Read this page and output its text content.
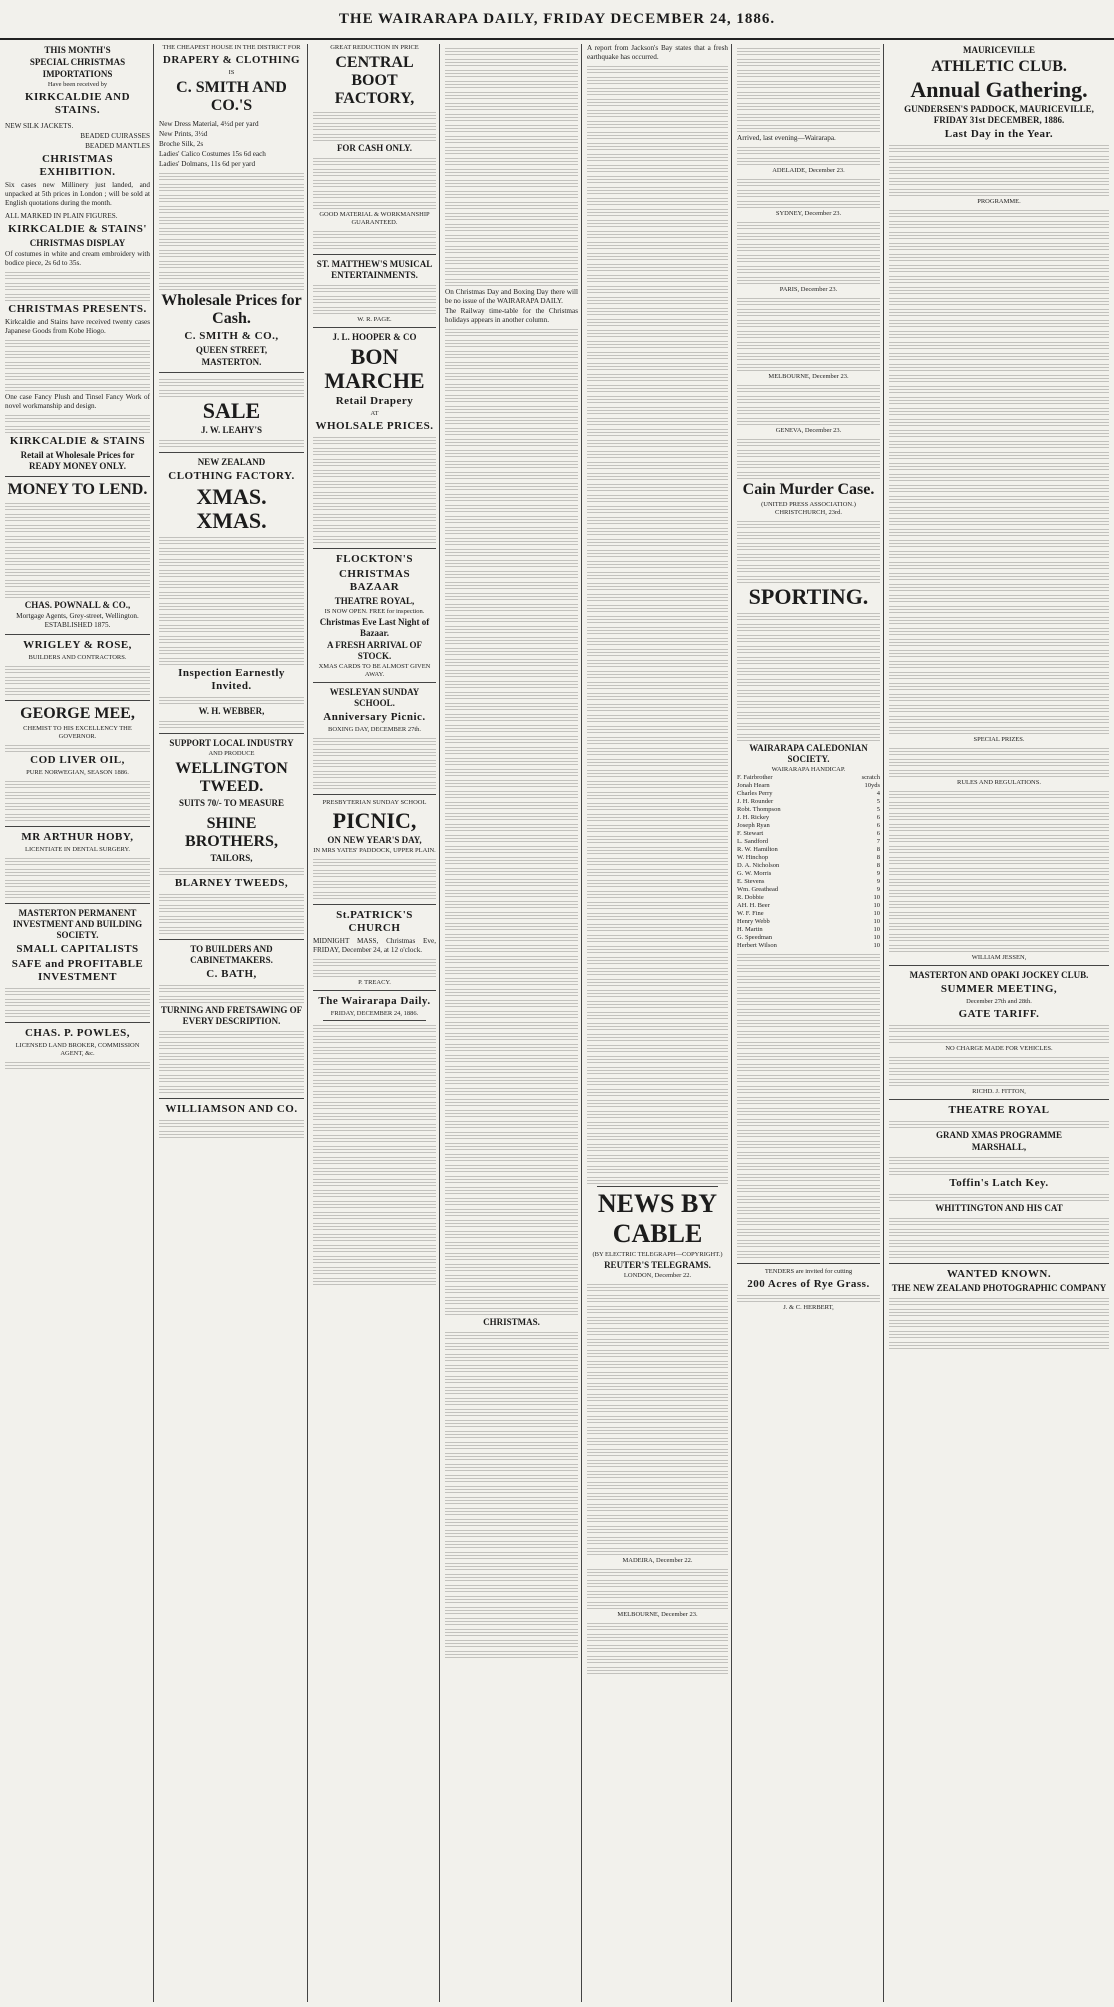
THE WAIRARAPA DAILY, FRIDAY DECEMBER 24, 1886.
THIS MONTH'S
SPECIAL CHRISTMAS
IMPORTATIONS
Have been received by
KIRKCALDIE AND STAINS.

NEW SILK JACKETS.

BEADED CUIRASSES

BEADED MANTLES

CHRISTMAS EXHIBITION.

Six cases new Millinery just landed, and unpacked at 5th prices in London ; will be sold at English quotations during the month.

ALL MARKED IN PLAIN FIGURES.

KIRKCALDIE & STAINS'
CHRISTMAS DISPLAY

Of costumes in white and cream embroidery with bodice piece, 2s 6d to 35s.

CHRISTMAS PRESENTS.

Kirkcaldie and Stains have received twenty cases Japanese Goods from Kobe Hiogo.

One case Fancy Plush and Tinsel Fancy Work of novel workmanship and design.

KIRKCALDIE & STAINS
Retail at Wholesale Prices for READY MONEY ONLY.
MONEY TO LEND.
CHAS. POWNALL & CO.,

Mortgage Agents, Grey-street, Wellington. ESTABLISHED 1875.

WRIGLEY & ROSE,
BUILDERS AND CONTRACTORS.
GEORGE MEE,
CHEMIST TO HIS EXCELLENCY THE GOVERNOR.
COD LIVER OIL,
PURE NORWEGIAN, SEASON 1886.
MR ARTHUR HOBY,
LICENTIATE IN DENTAL SURGERY.
MASTERTON PERMANENT INVESTMENT AND BUILDING SOCIETY.
SMALL CAPITALISTS
SAFE and PROFITABLE INVESTMENT
CHAS. P. POWLES,
LICENSED LAND BROKER, COMMISSION AGENT, &c.
THE CHEAPEST HOUSE IN THE DISTRICT FOR
DRAPERY & CLOTHING
IS
C. SMITH AND CO.'S

New Dress Material, 4½d per yard

New Prints, 3½d

Broche Silk, 2s

Ladies' Calico Costumes 15s 6d each

Ladies' Dolmans, 11s 6d per yard

Wholesale Prices for Cash.
C. SMITH & CO.,
QUEEN STREET,
MASTERTON.
SALE
J. W. LEAHY'S
NEW ZEALAND
CLOTHING FACTORY.
XMAS. XMAS.
Inspection Earnestly Invited.
W. H. WEBBER,
SUPPORT LOCAL INDUSTRY
AND PRODUCE
WELLINGTON TWEED.
SUITS 70/- TO MEASURE
SHINE BROTHERS,
TAILORS,
BLARNEY TWEEDS,
TO BUILDERS AND CABINETMAKERS.
C. BATH,
TURNING AND FRETSAWING OF EVERY DESCRIPTION.
WILLIAMSON AND CO.
GREAT REDUCTION IN PRICE
CENTRAL BOOT FACTORY,
FOR CASH ONLY.
GOOD MATERIAL & WORKMANSHIP GUARANTEED.
ST. MATTHEW'S MUSICAL ENTERTAINMENTS.
W. R. PAGE.
J. L. HOOPER & CO
BON MARCHE
Retail Drapery
AT
WHOLSALE PRICES.
FLOCKTON'S
CHRISTMAS BAZAAR
THEATRE ROYAL,
IS NOW OPEN. FREE for inspection.
Christmas Eve Last Night of Bazaar.
A FRESH ARRIVAL OF STOCK.
XMAS CARDS TO BE ALMOST GIVEN AWAY.
WESLEYAN SUNDAY SCHOOL.
Anniversary Picnic.
BOXING DAY, DECEMBER 27th.
PRESBYTERIAN SUNDAY SCHOOL
PICNIC,
ON NEW YEAR'S DAY,
IN MRS YATES' PADDOCK, UPPER PLAIN.
St.PATRICK'S CHURCH

MIDNIGHT MASS, Christmas Eve, FRIDAY, December 24, at 12 o'clock.

P. TREACY.
The Wairarapa Daily.
FRIDAY, DECEMBER 24, 1886.

On Christmas Day and Boxing Day there will be no issue of the WAIRARAPA DAILY.

The Railway time-table for the Christmas holidays appears in another column.

CHRISTMAS.

A report from Jackson's Bay states that a fresh earthquake has occurred.

NEWS BY CABLE
(BY ELECTRIC TELEGRAPH—COPYRIGHT.)
REUTER'S TELEGRAMS.
LONDON, December 22.
MADEIRA, December 22.
MELBOURNE, December 23.

Arrived, last evening—Wairarapa.

ADELAIDE, December 23.
SYDNEY, December 23.
PARIS, December 23.
MELBOURNE, December 23.
GENEVA, December 23.
Cain Murder Case.
(UNITED PRESS ASSOCIATION.)
CHRISTCHURCH, 23rd.
SPORTING.
WAIRARAPA CALEDONIAN SOCIETY.
WAIRARAPA HANDICAP.
F. Fairbrother	scratch
Jonah Hearn	10yds
Charles Perry	4
J. H. Rounder	5
Robt. Thompson	5
J. H. Rickey	6
Joseph Ryan	6
F. Stewart	6
L. Sandford	7
R. W. Hamilton	8
W. Hinchop	8
D. A. Nicholson	8
G. W. Morris	9
E. Stevens	9
Wm. Greathead	9
R. Dobbie	10
AH. H. Beer	10
W. F. Fine	10
Henry Webb	10
H. Martin	10
G. Speedman	10
Herbert Wilson	10
TENDERS are invited for cutting
200 Acres of Rye Grass.
J. & C. HERBERT,
MAURICEVILLE
ATHLETIC CLUB.
Annual Gathering.
GUNDERSEN'S PADDOCK, MAURICEVILLE, FRIDAY 31st DECEMBER, 1886.
Last Day in the Year.
PROGRAMME.
SPECIAL PRIZES.
RULES AND REGULATIONS.
WILLIAM JESSEN,
MASTERTON AND OPAKI JOCKEY CLUB.
SUMMER MEETING,
December 27th and 28th.
GATE TARIFF.
NO CHARGE MADE FOR VEHICLES.
RICHD. J. FITTON,
THEATRE ROYAL
GRAND XMAS PROGRAMME
MARSHALL,
Toffin's Latch Key.
WHITTINGTON AND HIS CAT
WANTED KNOWN.
THE NEW ZEALAND PHOTOGRAPHIC COMPANY
